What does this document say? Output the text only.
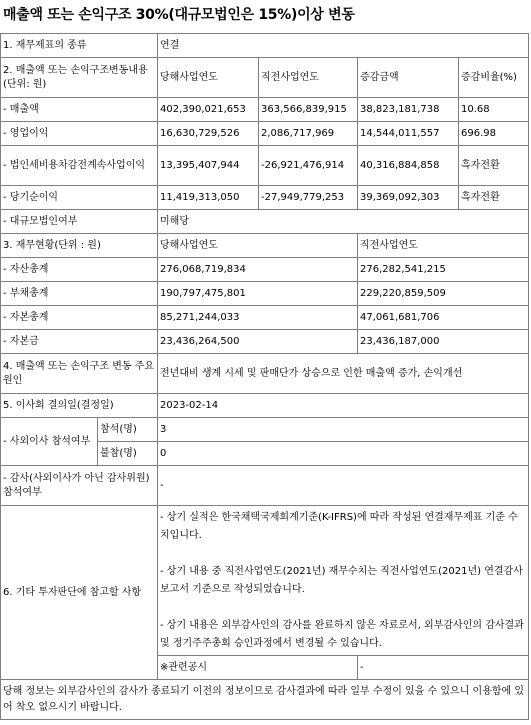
매출액 또는 손익구조 30%(대규모법인은 15%)이상 변동
1. 재무제표의 종류		연결			
2. 매출액 또는 손익구조변동내용(단위: 원)		당해사업연도	직전사업연도	증감금액	증감비율(%)
- 매출액		402,390,021,653	363,566,839,915	38,823,181,738	10.68
- 영업이익		16,630,729,526	2,086,717,969	14,544,011,557	696.98
- 법인세비용차감전계속사업이익		13,395,407,944	-26,921,476,914	40,316,884,858	흑자전환
- 당기순이익		11,419,313,050	-27,949,779,253	39,369,092,303	흑자전환
- 대규모법인여부		미해당			
3. 재무현황(단위 : 원)		당해사업연도		직전사업연도	
- 자산총계		276,068,719,834		276,282,541,215	
- 부채총계		190,797,475,801		229,220,859,509	
- 자본총계		85,271,244,033		47,061,681,706	
- 자본금		23,436,264,500		23,436,187,000	
4. 매출액 또는 손익구조 변동 주요원인		전년대비 생계 시세 및 판매단가 상승으로 인한 매출액 증가, 손익개선			
5. 이사회 결의일(결정일)		2023-02-14			
- 사외이사 참석여부	참석(명)	3			
	불참(명)	0			
- 감사(사외이사가 아닌 감사위원)참석여부		-			
6. 기타 투자판단에 참고할 사항		- 상기 실적은 한국채택국제회계기준(K-IFRS)에 따라 작성된 연결재무제표 기준 수치입니다.
- 상기 내용 중 직전사업연도(2021년) 재무수치는 직전사업연도(2021년) 연결감사보고서 기준으로 작성되었습니다.
- 상기 내용은 외부감사인의 감사를 완료하지 않은 자료로서, 외부감사인의 감사결과 및 정기주주총회 승인과정에서 변경될 수 있습니다.			

		※관련공시		-	
당해 정보는 외부감사인의 감사가 종료되기 이전의 정보이므로 감사결과에 따라 일부 수정이 있을 수 있으니 이용함에 있어 착오 없으시기 바랍니다.					
